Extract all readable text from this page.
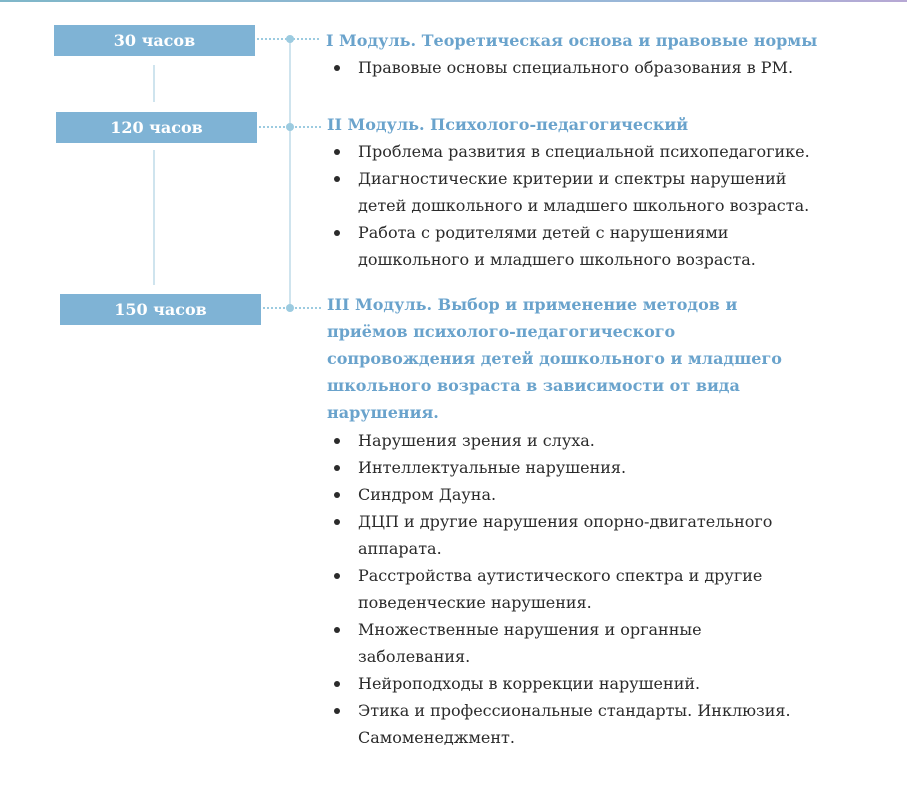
30 часов
120 часов
150 часов
I Модуль. Теоретическая основа и правовые нормы
Правовые основы специального образования в РМ.
II Модуль. Психолого-педагогический
Проблема развития в специальной психопедагогике.
Диагностические критерии и спектры нарушений детей дошкольного и младшего школьного возраста.
Работа с родителями детей с нарушениями дошкольного и младшего школьного возраста.
III Модуль. Выбор и применение методов и приёмов психолого-педагогического сопровождения детей дошкольного и младшего школьного возраста в зависимости от вида нарушения.
Нарушения зрения и слуха.
Интеллектуальные нарушения.
Синдром Дауна.
ДЦП и другие нарушения опорно-двигательного аппарата.
Расстройства аутистического спектра и другие поведенческие нарушения.
Множественные нарушения и органные заболевания.
Нейроподходы в коррекции нарушений.
Этика и профессиональные стандарты. Инклюзия. Самоменеджмент.
